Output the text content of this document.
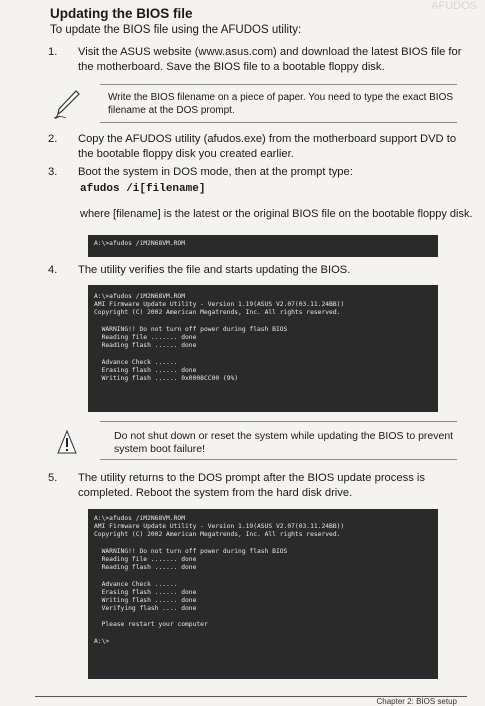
AFUDOS
Updating the BIOS file
To update the BIOS file using the AFUDOS utility:
1.	Visit the ASUS website (www.asus.com) and download the latest BIOS file for
the motherboard. Save the BIOS file to a bootable floppy disk.
Write the BIOS filename on a piece of paper. You need to type the exact BIOS
filename at the DOS prompt.
2.	Copy the AFUDOS utility (afudos.exe) from the motherboard support DVD to
the bootable floppy disk you created earlier.
3.	Boot the system in DOS mode, then at the prompt type:
afudos /i[filename]
where [filename] is the latest or the original BIOS file on the bootable floppy disk.
A:\>afudos /iM2N68VM.ROM
4.	The utility verifies the file and starts updating the BIOS.
A:\>afudos /iM2N68VM.ROM
AMI Firmware Update Utility - Version 1.19(ASUS V2.07(03.11.24BB))
Copyright (C) 2002 American Megatrends, Inc. All rights reserved.
WARNING!! Do not turn off power during flash BIOS
Reading file ....... done
Reading flash ...... done
Advance Check ......
Erasing flash ...... done
Writing flash ...... 0x0008CC00 (9%)
Do not shut down or reset the system while updating the BIOS to prevent
system boot failure!
5.	The utility returns to the DOS prompt after the BIOS update process is
completed. Reboot the system from the hard disk drive.
A:\>afudos /iM2N68VM.ROM
AMI Firmware Update Utility - Version 1.19(ASUS V2.07(03.11.24BB))
Copyright (C) 2002 American Megatrends, Inc. All rights reserved.
WARNING!! Do not turn off power during flash BIOS
Reading file ....... done
Reading flash ...... done
Advance Check ......
Erasing flash ...... done
Writing flash ...... done
Verifying flash .... done
Please restart your computer
A:\>
Chapter 2: BIOS setup
